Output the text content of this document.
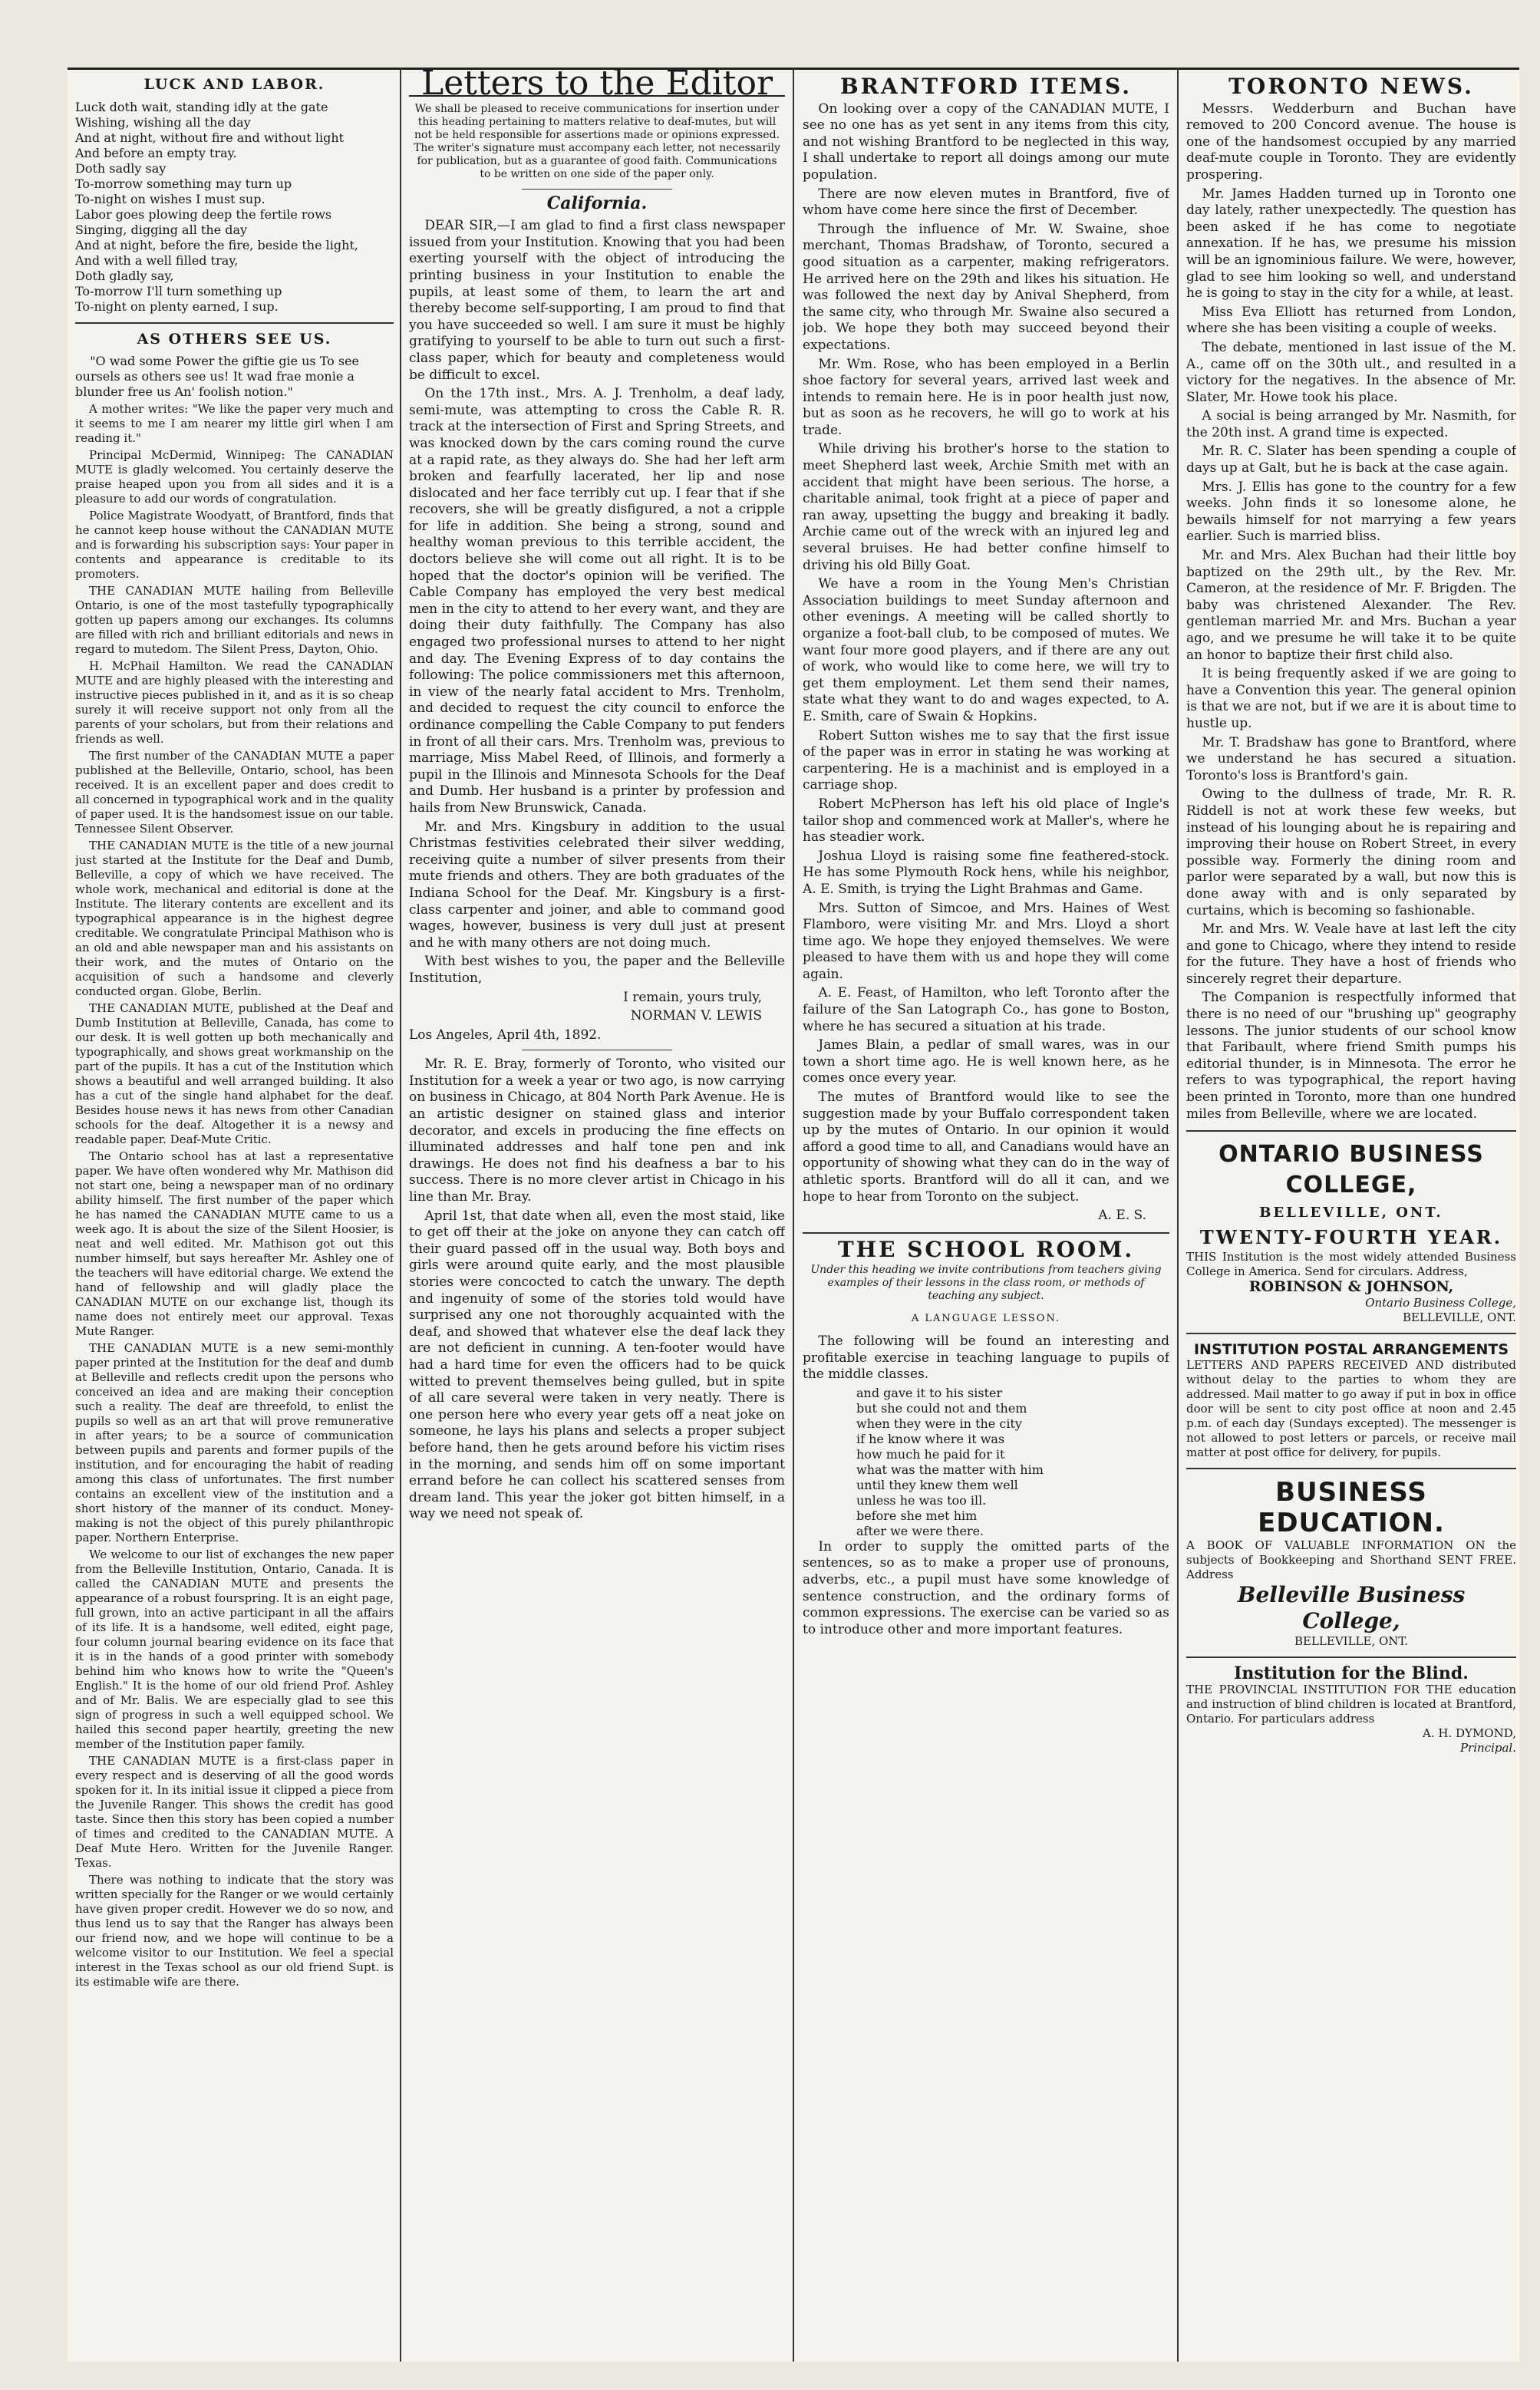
LUCK AND LABOR.
Luck doth wait, standing idly at the gate
Wishing, wishing all the day
And at night, without fire and without light
And before an empty tray.
Doth sadly say
To-morrow something may turn up
To-night on wishes I must sup.
Labor goes plowing deep the fertile rows
Singing, digging all the day
And at night, before the fire, beside the light,
And with a well filled tray,
Doth gladly say,
To-morrow I'll turn something up
To-night on plenty earned, I sup.
AS OTHERS SEE US.

"O wad some Power the giftie gie us To see oursels as others see us! It wad frae monie a blunder free us An' foolish notion."

A mother writes: "We like the paper very much and it seems to me I am nearer my little girl when I am reading it."

Principal McDermid, Winnipeg: The CANADIAN MUTE is gladly welcomed. You certainly deserve the praise heaped upon you from all sides and it is a pleasure to add our words of congratulation.

Police Magistrate Woodyatt, of Brantford, finds that he cannot keep house without the CANADIAN MUTE and is forwarding his subscription says: Your paper in contents and appearance is creditable to its promoters.

THE CANADIAN MUTE hailing from Belleville Ontario, is one of the most tastefully typographically gotten up papers among our exchanges. Its columns are filled with rich and brilliant editorials and news in regard to mutedom. The Silent Press, Dayton, Ohio.

H. McPhail Hamilton. We read the CANADIAN MUTE and are highly pleased with the interesting and instructive pieces published in it, and as it is so cheap surely it will receive support not only from all the parents of your scholars, but from their relations and friends as well.

The first number of the CANADIAN MUTE a paper published at the Belleville, Ontario, school, has been received. It is an excellent paper and does credit to all concerned in typographical work and in the quality of paper used. It is the handsomest issue on our table. Tennessee Silent Observer.

THE CANADIAN MUTE is the title of a new journal just started at the Institute for the Deaf and Dumb, Belleville, a copy of which we have received. The whole work, mechanical and editorial is done at the Institute. The literary contents are excellent and its typographical appearance is in the highest degree creditable. We congratulate Principal Mathison who is an old and able newspaper man and his assistants on their work, and the mutes of Ontario on the acquisition of such a handsome and cleverly conducted organ. Globe, Berlin.

THE CANADIAN MUTE, published at the Deaf and Dumb Institution at Belleville, Canada, has come to our desk. It is well gotten up both mechanically and typographically, and shows great workmanship on the part of the pupils. It has a cut of the Institution which shows a beautiful and well arranged building. It also has a cut of the single hand alphabet for the deaf. Besides house news it has news from other Canadian schools for the deaf. Altogether it is a newsy and readable paper. Deaf-Mute Critic.

The Ontario school has at last a representative paper. We have often wondered why Mr. Mathison did not start one, being a newspaper man of no ordinary ability himself. The first number of the paper which he has named the CANADIAN MUTE came to us a week ago. It is about the size of the Silent Hoosier, is neat and well edited. Mr. Mathison got out this number himself, but says hereafter Mr. Ashley one of the teachers will have editorial charge. We extend the hand of fellowship and will gladly place the CANADIAN MUTE on our exchange list, though its name does not entirely meet our approval. Texas Mute Ranger.

THE CANADIAN MUTE is a new semi-monthly paper printed at the Institution for the deaf and dumb at Belleville and reflects credit upon the persons who conceived an idea and are making their conception such a reality. The deaf are threefold, to enlist the pupils so well as an art that will prove remunerative in after years; to be a source of communication between pupils and parents and former pupils of the institution, and for encouraging the habit of reading among this class of unfortunates. The first number contains an excellent view of the institution and a short history of the manner of its conduct. Money-making is not the object of this purely philanthropic paper. Northern Enterprise.

We welcome to our list of exchanges the new paper from the Belleville Institution, Ontario, Canada. It is called the CANADIAN MUTE and presents the appearance of a robust fourspring. It is an eight page, full grown, into an active participant in all the affairs of its life. It is a handsome, well edited, eight page, four column journal bearing evidence on its face that it is in the hands of a good printer with somebody behind him who knows how to write the "Queen's English." It is the home of our old friend Prof. Ashley and of Mr. Balis. We are especially glad to see this sign of progress in such a well equipped school. We hailed this second paper heartily, greeting the new member of the Institution paper family.

THE CANADIAN MUTE is a first-class paper in every respect and is deserving of all the good words spoken for it. In its initial issue it clipped a piece from the Juvenile Ranger. This shows the credit has good taste. Since then this story has been copied a number of times and credited to the CANADIAN MUTE. A Deaf Mute Hero. Written for the Juvenile Ranger. Texas.

There was nothing to indicate that the story was written specially for the Ranger or we would certainly have given proper credit. However we do so now, and thus lend us to say that the Ranger has always been our friend now, and we hope will continue to be a welcome visitor to our Institution. We feel a special interest in the Texas school as our old friend Supt. is its estimable wife are there.

Letters to the Editor
We shall be pleased to receive communications for insertion under this heading pertaining to matters relative to deaf-mutes, but will not be held responsible for assertions made or opinions expressed. The writer's signature must accompany each letter, not necessarily for publication, but as a guarantee of good faith. Communications to be written on one side of the paper only.
California.

DEAR SIR,—I am glad to find a first class newspaper issued from your Institution. Knowing that you had been exerting yourself with the object of introducing the printing business in your Institution to enable the pupils, at least some of them, to learn the art and thereby become self-supporting, I am proud to find that you have succeeded so well. I am sure it must be highly gratifying to yourself to be able to turn out such a first-class paper, which for beauty and completeness would be difficult to excel.

On the 17th inst., Mrs. A. J. Trenholm, a deaf lady, semi-mute, was attempting to cross the Cable R. R. track at the intersection of First and Spring Streets, and was knocked down by the cars coming round the curve at a rapid rate, as they always do. She had her left arm broken and fearfully lacerated, her lip and nose dislocated and her face terribly cut up. I fear that if she recovers, she will be greatly disfigured, a not a cripple for life in addition. She being a strong, sound and healthy woman previous to this terrible accident, the doctors believe she will come out all right. It is to be hoped that the doctor's opinion will be verified. The Cable Company has employed the very best medical men in the city to attend to her every want, and they are doing their duty faithfully. The Company has also engaged two professional nurses to attend to her night and day. The Evening Express of to day contains the following: The police commissioners met this afternoon, in view of the nearly fatal accident to Mrs. Trenholm, and decided to request the city council to enforce the ordinance compelling the Cable Company to put fenders in front of all their cars. Mrs. Trenholm was, previous to marriage, Miss Mabel Reed, of Illinois, and formerly a pupil in the Illinois and Minnesota Schools for the Deaf and Dumb. Her husband is a printer by profession and hails from New Brunswick, Canada.

Mr. and Mrs. Kingsbury in addition to the usual Christmas festivities celebrated their silver wedding, receiving quite a number of silver presents from their mute friends and others. They are both graduates of the Indiana School for the Deaf. Mr. Kingsbury is a first-class carpenter and joiner, and able to command good wages, however, business is very dull just at present and he with many others are not doing much.

With best wishes to you, the paper and the Belleville Institution,

I remain, yours truly,

NORMAN V. LEWIS

Los Angeles, April 4th, 1892.

Mr. R. E. Bray, formerly of Toronto, who visited our Institution for a week a year or two ago, is now carrying on business in Chicago, at 804 North Park Avenue. He is an artistic designer on stained glass and interior decorator, and excels in producing the fine effects on illuminated addresses and half tone pen and ink drawings. He does not find his deafness a bar to his success. There is no more clever artist in Chicago in his line than Mr. Bray.

April 1st, that date when all, even the most staid, like to get off their at the joke on anyone they can catch off their guard passed off in the usual way. Both boys and girls were around quite early, and the most plausible stories were concocted to catch the unwary. The depth and ingenuity of some of the stories told would have surprised any one not thoroughly acquainted with the deaf, and showed that whatever else the deaf lack they are not deficient in cunning. A ten-footer would have had a hard time for even the officers had to be quick witted to prevent themselves being gulled, but in spite of all care several were taken in very neatly. There is one person here who every year gets off a neat joke on someone, he lays his plans and selects a proper subject before hand, then he gets around before his victim rises in the morning, and sends him off on some important errand before he can collect his scattered senses from dream land. This year the joker got bitten himself, in a way we need not speak of.

BRANTFORD ITEMS.

On looking over a copy of the CANADIAN MUTE, I see no one has as yet sent in any items from this city, and not wishing Brantford to be neglected in this way, I shall undertake to report all doings among our mute population.

There are now eleven mutes in Brantford, five of whom have come here since the first of December.

Through the influence of Mr. W. Swaine, shoe merchant, Thomas Bradshaw, of Toronto, secured a good situation as a carpenter, making refrigerators. He arrived here on the 29th and likes his situation. He was followed the next day by Anival Shepherd, from the same city, who through Mr. Swaine also secured a job. We hope they both may succeed beyond their expectations.

Mr. Wm. Rose, who has been employed in a Berlin shoe factory for several years, arrived last week and intends to remain here. He is in poor health just now, but as soon as he recovers, he will go to work at his trade.

While driving his brother's horse to the station to meet Shepherd last week, Archie Smith met with an accident that might have been serious. The horse, a charitable animal, took fright at a piece of paper and ran away, upsetting the buggy and breaking it badly. Archie came out of the wreck with an injured leg and several bruises. He had better confine himself to driving his old Billy Goat.

We have a room in the Young Men's Christian Association buildings to meet Sunday afternoon and other evenings. A meeting will be called shortly to organize a foot-ball club, to be composed of mutes. We want four more good players, and if there are any out of work, who would like to come here, we will try to get them employment. Let them send their names, state what they want to do and wages expected, to A. E. Smith, care of Swain & Hopkins.

Robert Sutton wishes me to say that the first issue of the paper was in error in stating he was working at carpentering. He is a machinist and is employed in a carriage shop.

Robert McPherson has left his old place of Ingle's tailor shop and commenced work at Maller's, where he has steadier work.

Joshua Lloyd is raising some fine feathered-stock. He has some Plymouth Rock hens, while his neighbor, A. E. Smith, is trying the Light Brahmas and Game.

Mrs. Sutton of Simcoe, and Mrs. Haines of West Flamboro, were visiting Mr. and Mrs. Lloyd a short time ago. We hope they enjoyed themselves. We were pleased to have them with us and hope they will come again.

A. E. Feast, of Hamilton, who left Toronto after the failure of the San Latograph Co., has gone to Boston, where he has secured a situation at his trade.

James Blain, a pedlar of small wares, was in our town a short time ago. He is well known here, as he comes once every year.

The mutes of Brantford would like to see the suggestion made by your Buffalo correspondent taken up by the mutes of Ontario. In our opinion it would afford a good time to all, and Canadians would have an opportunity of showing what they can do in the way of athletic sports. Brantford will do all it can, and we hope to hear from Toronto on the subject.

A. E. S.

THE SCHOOL ROOM.
Under this heading we invite contributions from teachers giving examples of their lessons in the class room, or methods of teaching any subject.
A LANGUAGE LESSON.

The following will be found an interesting and profitable exercise in teaching language to pupils of the middle classes.

and gave it to his sister
but she could not and them
when they were in the city
if he know where it was
how much he paid for it
what was the matter with him
until they knew them well
unless he was too ill.
before she met him
after we were there.

In order to supply the omitted parts of the sentences, so as to make a proper use of pronouns, adverbs, etc., a pupil must have some knowledge of sentence construction, and the ordinary forms of common expressions. The exercise can be varied so as to introduce other and more important features.

TORONTO NEWS.

Messrs. Wedderburn and Buchan have removed to 200 Concord avenue. The house is one of the handsomest occupied by any married deaf-mute couple in Toronto. They are evidently prospering.

Mr. James Hadden turned up in Toronto one day lately, rather unexpectedly. The question has been asked if he has come to negotiate annexation. If he has, we presume his mission will be an ignominious failure. We were, however, glad to see him looking so well, and understand he is going to stay in the city for a while, at least.

Miss Eva Elliott has returned from London, where she has been visiting a couple of weeks.

The debate, mentioned in last issue of the M. A., came off on the 30th ult., and resulted in a victory for the negatives. In the absence of Mr. Slater, Mr. Howe took his place.

A social is being arranged by Mr. Nasmith, for the 20th inst. A grand time is expected.

Mr. R. C. Slater has been spending a couple of days up at Galt, but he is back at the case again.

Mrs. J. Ellis has gone to the country for a few weeks. John finds it so lonesome alone, he bewails himself for not marrying a few years earlier. Such is married bliss.

Mr. and Mrs. Alex Buchan had their little boy baptized on the 29th ult., by the Rev. Mr. Cameron, at the residence of Mr. F. Brigden. The baby was christened Alexander. The Rev. gentleman married Mr. and Mrs. Buchan a year ago, and we presume he will take it to be quite an honor to baptize their first child also.

It is being frequently asked if we are going to have a Convention this year. The general opinion is that we are not, but if we are it is about time to hustle up.

Mr. T. Bradshaw has gone to Brantford, where we understand he has secured a situation. Toronto's loss is Brantford's gain.

Owing to the dullness of trade, Mr. R. R. Riddell is not at work these few weeks, but instead of his lounging about he is repairing and improving their house on Robert Street, in every possible way. Formerly the dining room and parlor were separated by a wall, but now this is done away with and is only separated by curtains, which is becoming so fashionable.

Mr. and Mrs. W. Veale have at last left the city and gone to Chicago, where they intend to reside for the future. They have a host of friends who sincerely regret their departure.

The Companion is respectfully informed that there is no need of our "brushing up" geography lessons. The junior students of our school know that Faribault, where friend Smith pumps his editorial thunder, is in Minnesota. The error he refers to was typographical, the report having been printed in Toronto, more than one hundred miles from Belleville, where we are located.

ONTARIO BUSINESS COLLEGE,
BELLEVILLE, ONT.
TWENTY-FOURTH YEAR.
THIS Institution is the most widely attended Business College in America. Send for circulars. Address,
ROBINSON & JOHNSON,
Ontario Business College,
BELLEVILLE, ONT.
INSTITUTION POSTAL ARRANGEMENTS
LETTERS AND PAPERS RECEIVED AND distributed without delay to the parties to whom they are addressed. Mail matter to go away if put in box in office door will be sent to city post office at noon and 2.45 p.m. of each day (Sundays excepted). The messenger is not allowed to post letters or parcels, or receive mail matter at post office for delivery, for pupils.
BUSINESS EDUCATION.
A BOOK OF VALUABLE INFORMATION ON the subjects of Bookkeeping and Shorthand SENT FREE. Address
Belleville Business College,
BELLEVILLE, ONT.
Institution for the Blind.
THE PROVINCIAL INSTITUTION FOR THE education and instruction of blind children is located at Brantford, Ontario. For particulars address
A. H. DYMOND,
Principal.
